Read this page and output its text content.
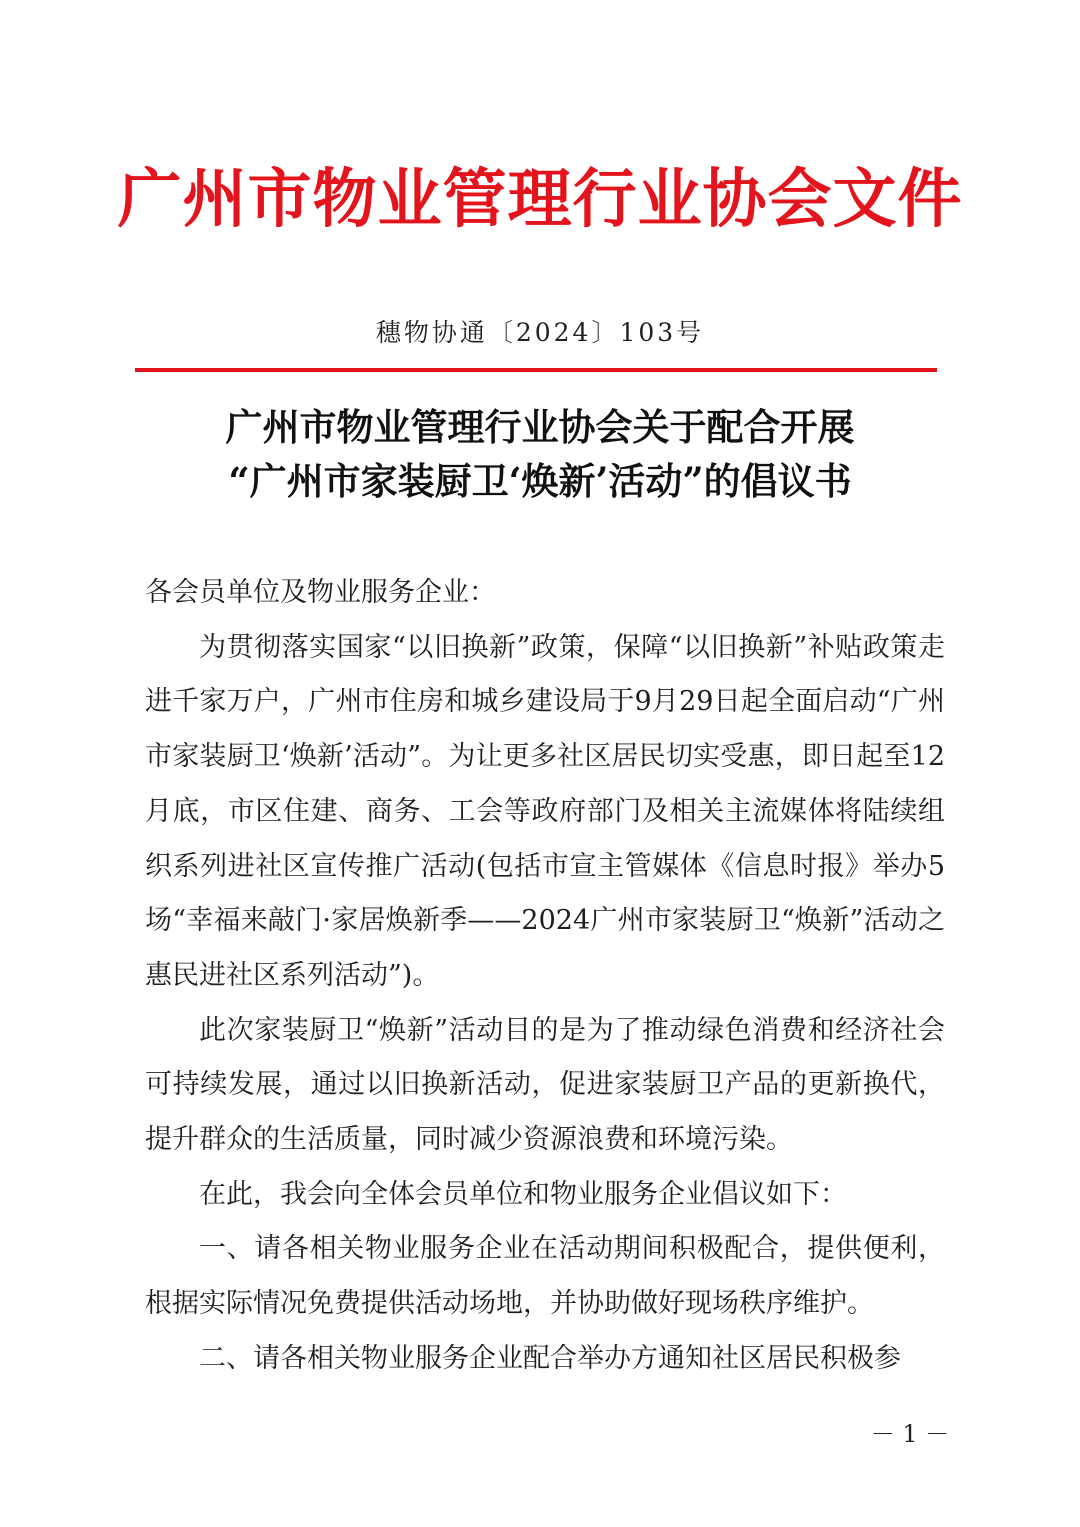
广州市物业管理行业协会文件
穗物协通〔2024〕103号
广州市物业管理行业协会关于配合开展
“广州市家装厨卫‘焕新’活动”的倡议书

各会员单位及物业服务企业：

为贯彻落实国家“以旧换新”政策，保障“以旧换新”补贴政策走进千家万户，广州市住房和城乡建设局于9月29日起全面启动“广州市家装厨卫‘焕新’活动”。为让更多社区居民切实受惠，即日起至12月底，市区住建、商务、工会等政府部门及相关主流媒体将陆续组织系列进社区宣传推广活动(包括市宣主管媒体《信息时报》举办5场“幸福来敲门·家居焕新季——2024广州市家装厨卫“焕新”活动之惠民进社区系列活动”)。

此次家装厨卫“焕新”活动目的是为了推动绿色消费和经济社会可持续发展，通过以旧换新活动，促进家装厨卫产品的更新换代，提升群众的生活质量，同时减少资源浪费和环境污染。

在此，我会向全体会员单位和物业服务企业倡议如下：

一、请各相关物业服务企业在活动期间积极配合，提供便利，根据实际情况免费提供活动场地，并协助做好现场秩序维护。

二、请各相关物业服务企业配合举办方通知社区居民积极参

－ 1 －
